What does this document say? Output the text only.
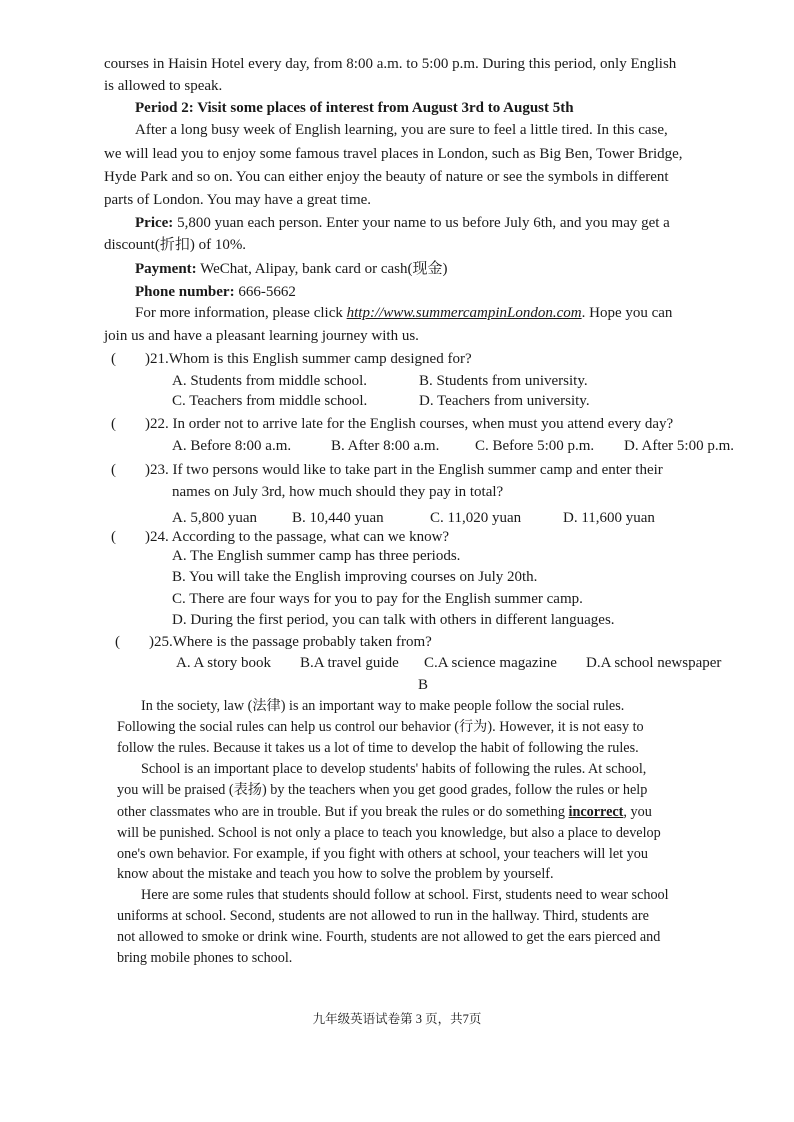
courses in Haisin Hotel every day, from 8:00 a.m. to 5:00 p.m. During this period, only English
is allowed to speak.
Period 2: Visit some places of interest from August 3rd to August 5th
After a long busy week of English learning, you are sure to feel a little tired. In this case,
we will lead you to enjoy some famous travel places in London, such as Big Ben, Tower Bridge,
Hyde Park and so on. You can either enjoy the beauty of nature or see the symbols in different
parts of London. You may have a great time.
Price: 5,800 yuan each person. Enter your name to us before July 6th, and you may get a
discount(折扣) of 10%.
Payment: WeChat, Alipay, bank card or cash(现金)
Phone number: 666-5662
For more information, please click http://www.summercampinLondon.com. Hope you can
join us and have a pleasant learning journey with us.
( )21.Whom is this English summer camp designed for?
A. Students from middle school.	B. Students from university.
C. Teachers from middle school.	D. Teachers from university.
( )22. In order not to arrive late for the English courses, when must you attend every day?
A. Before 8:00 a.m.	B. After 8:00 a.m. C. Before 5:00 p.m. D. After 5:00 p.m.
( )23. If two persons would like to take part in the English summer camp and enter their
names on July 3rd, how much should they pay in total?
A. 5,800 yuan B. 10,440 yuan	C. 11,020 yuan	D. 11,600 yuan
( )24. According to the passage, what can we know?
A. The English summer camp has three periods.
B. You will take the English improving courses on July 20th.
C. There are four ways for you to pay for the English summer camp.
D. During the first period, you can talk with others in different languages.
( )25.Where is the passage probably taken from?
A. A story book B.A travel guide C.A science magazine D.A school newspaper
B
In the society, law (法律) is an important way to make people follow the social rules.
Following the social rules can help us control our behavior (行为). However, it is not easy to
follow the rules. Because it takes us a lot of time to develop the habit of following the rules.
School is an important place to develop students' habits of following the rules. At school,
you will be praised (表扬) by the teachers when you get good grades, follow the rules or help
other classmates who are in trouble. But if you break the rules or do something incorrect, you
will be punished. School is not only a place to teach you knowledge, but also a place to develop
one's own behavior. For example, if you fight with others at school, your teachers will let you
know about the mistake and teach you how to solve the problem by yourself.
Here are some rules that students should follow at school. First, students need to wear school
uniforms at school. Second, students are not allowed to run in the hallway. Third, students are
not allowed to smoke or drink wine. Fourth, students are not allowed to get the ears pierced and
bring mobile phones to school.
九年级英语试卷第 3 页，共7页
